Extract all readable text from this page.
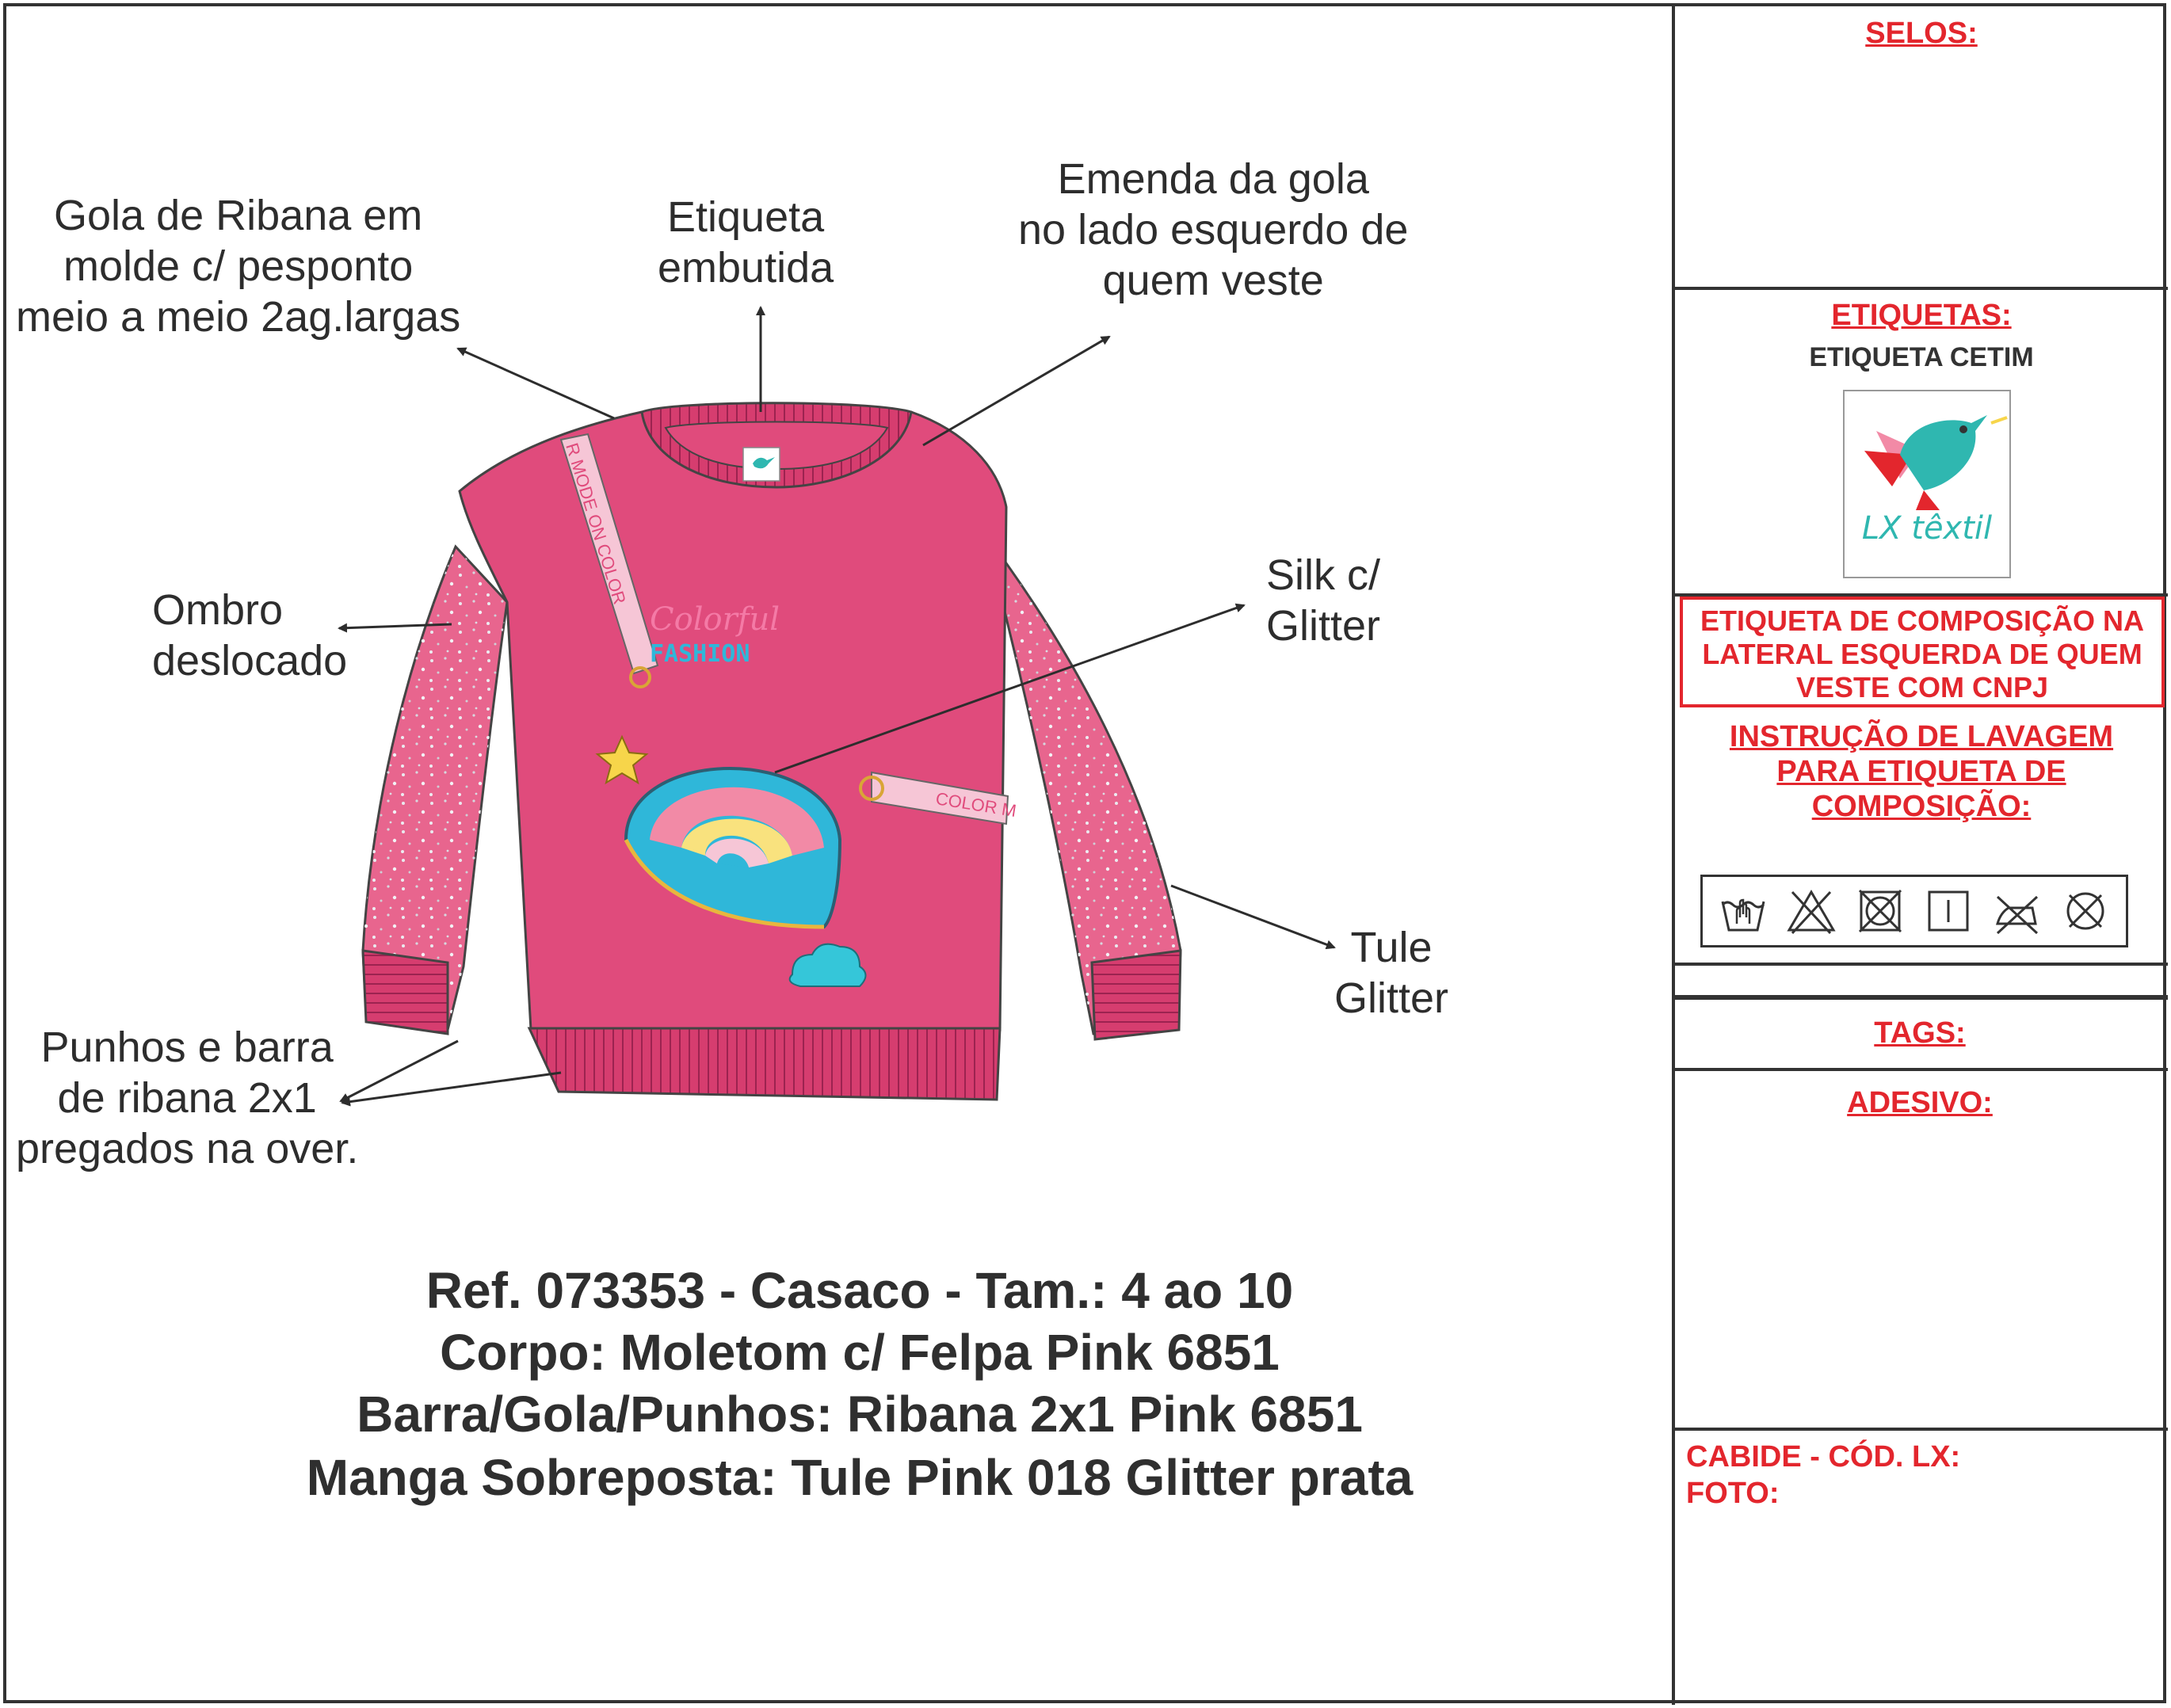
Gola de Ribana em
molde c/ pesponto
meio a meio 2ag.largas
Etiqueta
embutida
Emenda da gola
no lado esquerdo de
quem veste
Ombro
deslocado
Silk c/
Glitter
Tule
Glitter
Punhos e barra
de ribana 2x1
pregados na over.
R MODE ON COLOR
COLOR M
Colorful
FASHION
Ref. 073353 - Casaco - Tam.: 4 ao 10
Corpo: Moletom c/ Felpa Pink 6851
Barra/Gola/Punhos: Ribana 2x1 Pink 6851
Manga Sobreposta: Tule Pink 018 Glitter prata
SELOS:
ETIQUETAS:
ETIQUETA CETIM
LX têxtil
ETIQUETA DE COMPOSIÇÃO NA
LATERAL ESQUERDA DE QUEM
VESTE COM CNPJ
INSTRUÇÃO DE LAVAGEM
PARA ETIQUETA DE
COMPOSIÇÃO:
TAGS:
ADESIVO:
CABIDE - CÓD. LX:
FOTO:
